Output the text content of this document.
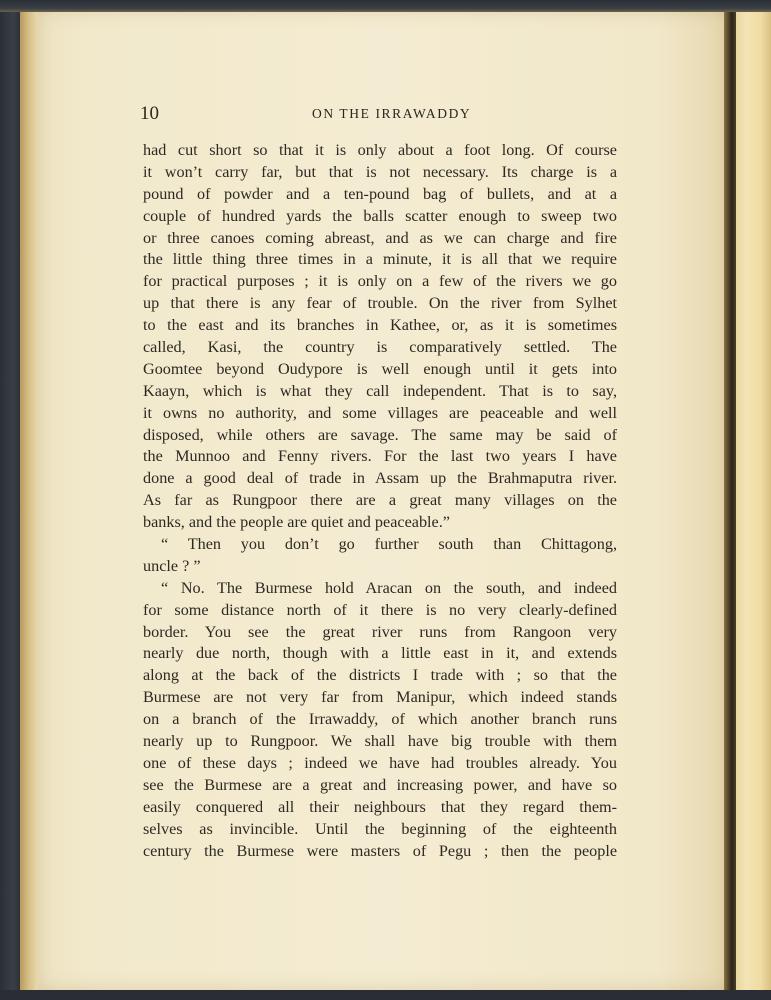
10	ON THE IRRAWADDY
had cut short so that it is only about a foot long. Of course
it won’t carry far, but that is not necessary. Its charge is a
pound of powder and a ten-pound bag of bullets, and at a
couple of hundred yards the balls scatter enough to sweep two
or three canoes coming abreast, and as we can charge and fire
the little thing three times in a minute, it is all that we require
for practical purposes ; it is only on a few of the rivers we go
up that there is any fear of trouble. On the river from Sylhet
to the east and its branches in Kathee, or, as it is sometimes
called, Kasi, the country is comparatively settled. The
Goomtee beyond Oudypore is well enough until it gets into
Kaayn, which is what they call independent. That is to say,
it owns no authority, and some villages are peaceable and well
disposed, while others are savage. The same may be said of
the Munnoo and Fenny rivers. For the last two years I have
done a good deal of trade in Assam up the Brahmaputra river.
As far as Rungpoor there are a great many villages on the
banks, and the people are quiet and peaceable.”
“ Then you don’t go further south than Chittagong,
uncle ? ”
“ No. The Burmese hold Aracan on the south, and indeed
for some distance north of it there is no very clearly-defined
border. You see the great river runs from Rangoon very
nearly due north, though with a little east in it, and extends
along at the back of the districts I trade with ; so that the
Burmese are not very far from Manipur, which indeed stands
on a branch of the Irrawaddy, of which another branch runs
nearly up to Rungpoor. We shall have big trouble with them
one of these days ; indeed we have had troubles already. You
see the Burmese are a great and increasing power, and have so
easily conquered all their neighbours that they regard them-
selves as invincible. Until the beginning of the eighteenth
century the Burmese were masters of Pegu ; then the people
